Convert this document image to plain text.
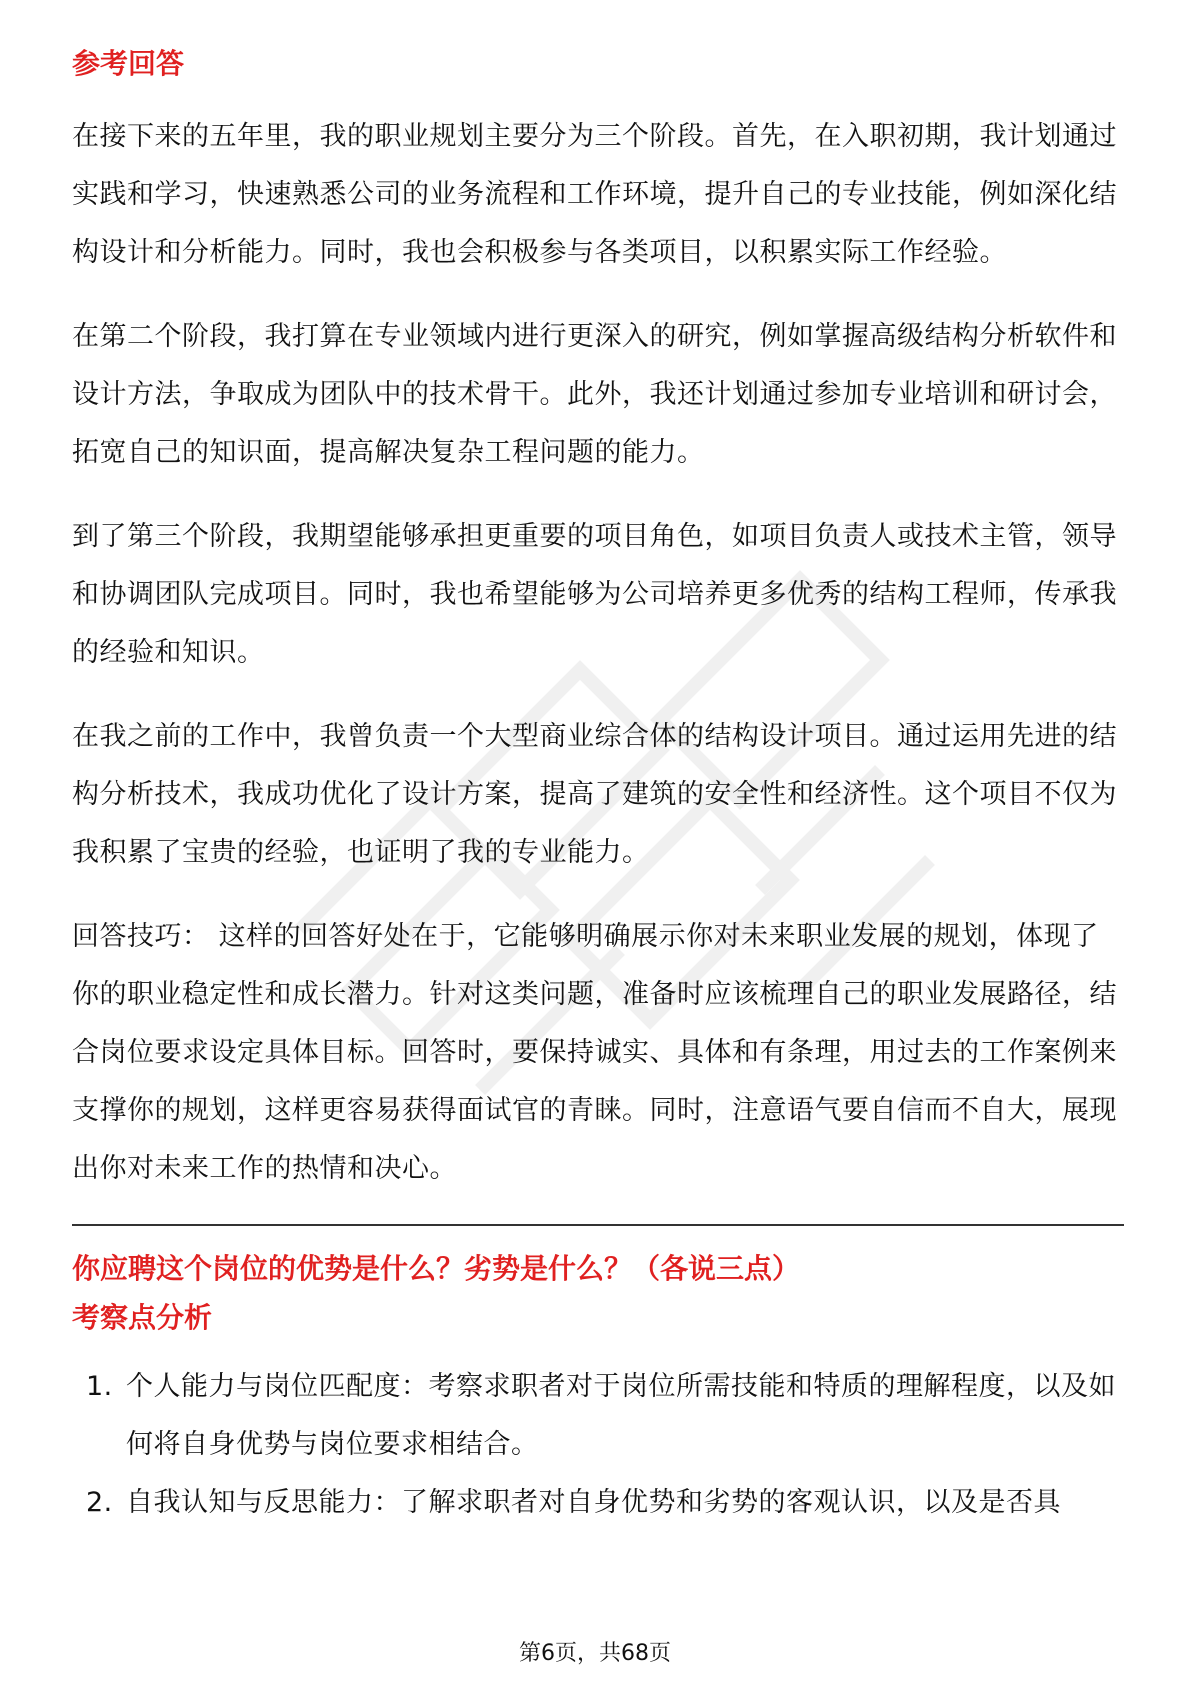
参考回答

在接下来的五年里，我的职业规划主要分为三个阶段。首先，在入职初期，我计划通过实践和学习，快速熟悉公司的业务流程和工作环境，提升自己的专业技能，例如深化结构设计和分析能力。同时，我也会积极参与各类项目，以积累实际工作经验。

在第二个阶段，我打算在专业领域内进行更深入的研究，例如掌握高级结构分析软件和设计方法，争取成为团队中的技术骨干。此外，我还计划通过参加专业培训和研讨会，拓宽自己的知识面，提高解决复杂工程问题的能力。

到了第三个阶段，我期望能够承担更重要的项目角色，如项目负责人或技术主管，领导和协调团队完成项目。同时，我也希望能够为公司培养更多优秀的结构工程师，传承我的经验和知识。

在我之前的工作中，我曾负责一个大型商业综合体的结构设计项目。通过运用先进的结构分析技术，我成功优化了设计方案，提高了建筑的安全性和经济性。这个项目不仅为我积累了宝贵的经验，也证明了我的专业能力。

回答技巧： 这样的回答好处在于，它能够明确展示你对未来职业发展的规划，体现了你的职业稳定性和成长潜力。针对这类问题，准备时应该梳理自己的职业发展路径，结合岗位要求设定具体目标。回答时，要保持诚实、具体和有条理，用过去的工作案例来支撑你的规划，这样更容易获得面试官的青睐。同时，注意语气要自信而不自大，展现出你对未来工作的热情和决心。

你应聘这个岗位的优势是什么？劣势是什么？（各说三点）
考察点分析
1. 个人能力与岗位匹配度：考察求职者对于岗位所需技能和特质的理解程度，以及如何将自身优势与岗位要求相结合。
2. 自我认知与反思能力：了解求职者对自身优势和劣势的客观认识，以及是否具
第6页，共68页
